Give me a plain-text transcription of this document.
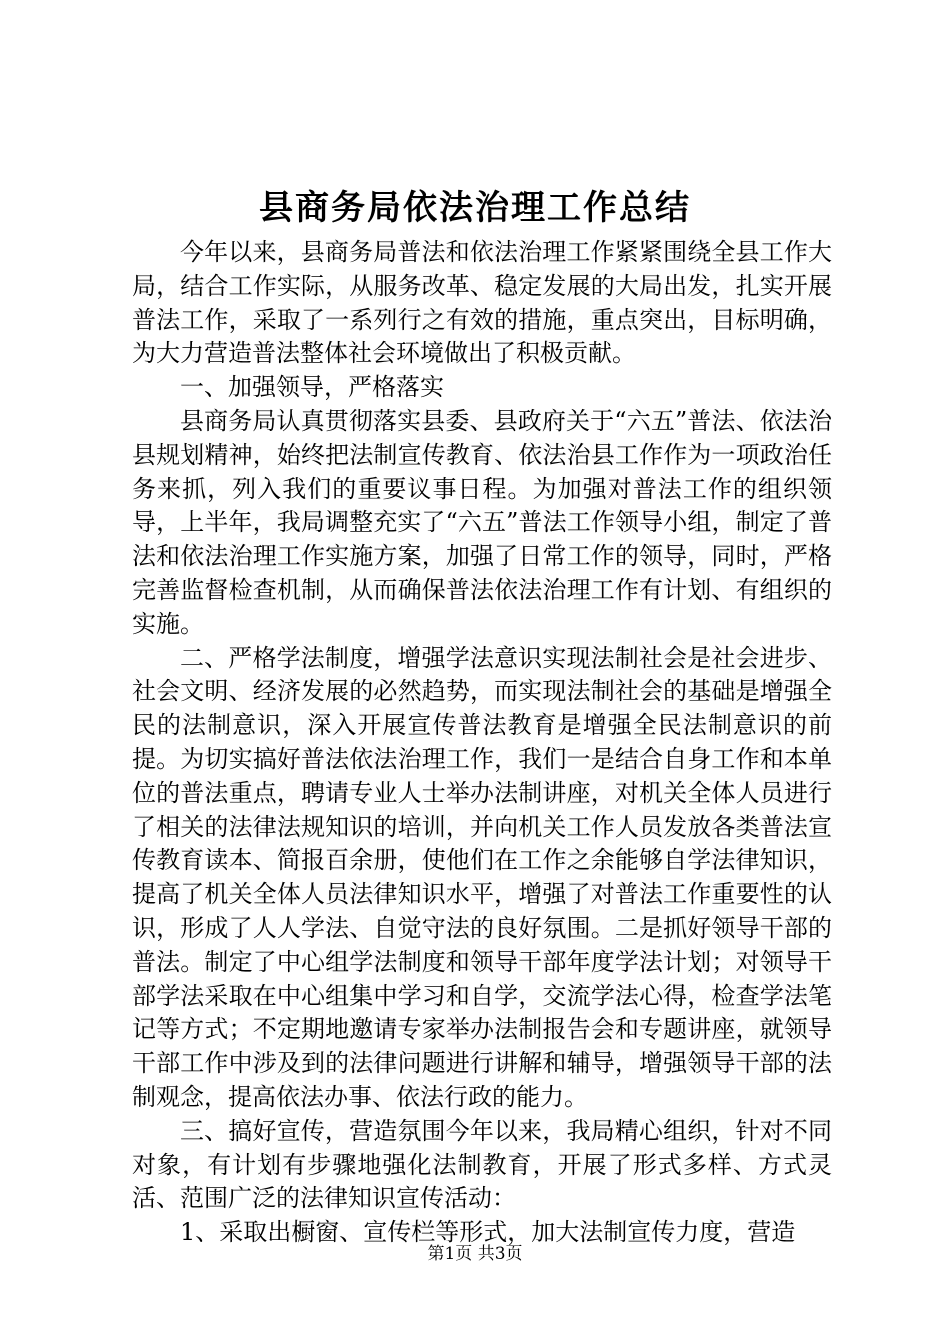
县商务局依法治理工作总结

今年以来，县商务局普法和依法治理工作紧紧围绕全县工作大局，结合工作实际，从服务改革、稳定发展的大局出发，扎实开展普法工作，采取了一系列行之有效的措施，重点突出，目标明确，为大力营造普法整体社会环境做出了积极贡献。

一、加强领导，严格落实

县商务局认真贯彻落实县委、县政府关于“六五”普法、依法治县规划精神，始终把法制宣传教育、依法治县工作作为一项政治任务来抓，列入我们的重要议事日程。为加强对普法工作的组织领导，上半年，我局调整充实了“六五”普法工作领导小组，制定了普法和依法治理工作实施方案，加强了日常工作的领导，同时，严格完善监督检查机制，从而确保普法依法治理工作有计划、有组织的实施。

二、严格学法制度，增强学法意识实现法制社会是社会进步、社会文明、经济发展的必然趋势，而实现法制社会的基础是增强全民的法制意识，深入开展宣传普法教育是增强全民法制意识的前提。为切实搞好普法依法治理工作，我们一是结合自身工作和本单位的普法重点，聘请专业人士举办法制讲座，对机关全体人员进行了相关的法律法规知识的培训，并向机关工作人员发放各类普法宣传教育读本、简报百余册，使他们在工作之余能够自学法律知识，提高了机关全体人员法律知识水平，增强了对普法工作重要性的认识，形成了人人学法、自觉守法的良好氛围。二是抓好领导干部的普法。制定了中心组学法制度和领导干部年度学法计划；对领导干部学法采取在中心组集中学习和自学，交流学法心得，检查学法笔记等方式；不定期地邀请专家举办法制报告会和专题讲座，就领导干部工作中涉及到的法律问题进行讲解和辅导，增强领导干部的法制观念，提高依法办事、依法行政的能力。

三、搞好宣传，营造氛围今年以来，我局精心组织，针对不同对象，有计划有步骤地强化法制教育，开展了形式多样、方式灵活、范围广泛的法律知识宣传活动：

1、采取出橱窗、宣传栏等形式，加大法制宣传力度，营造

第1页 共3页
